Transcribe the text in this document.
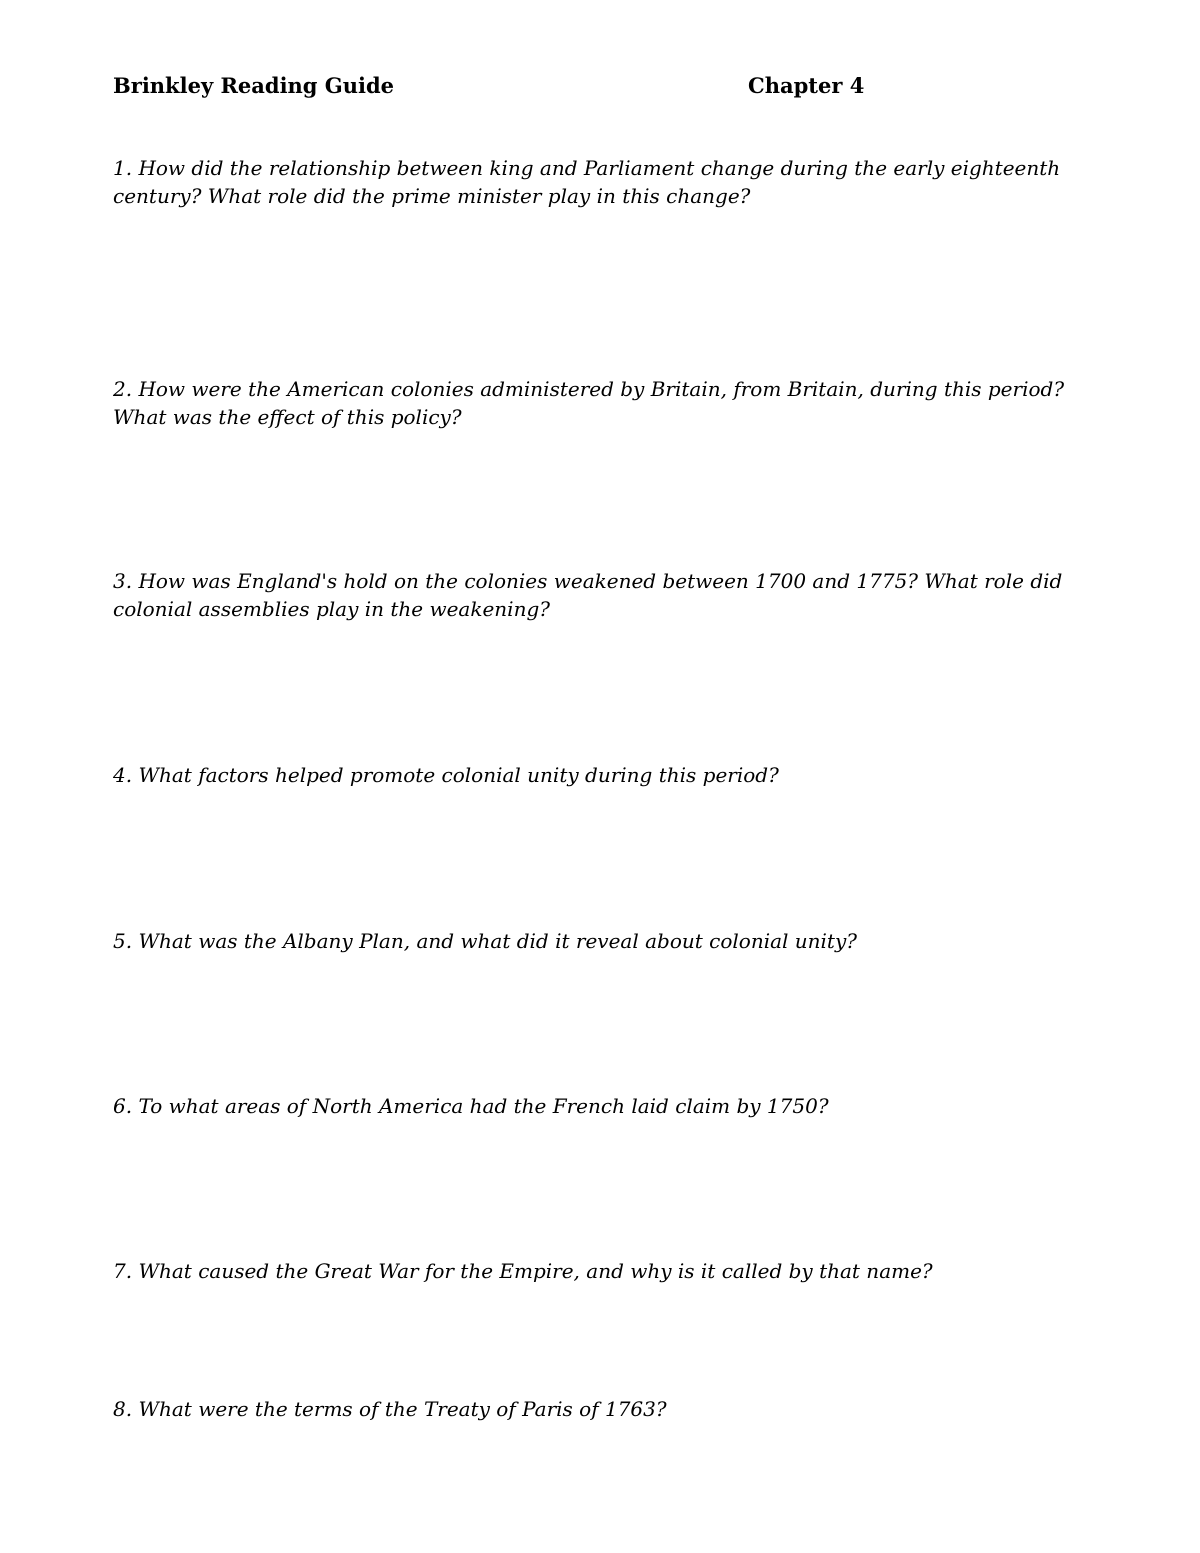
Brinkley Reading Guide	Chapter 4
1. How did the relationship between king and Parliament change during the early eighteenth century? What role did the prime minister play in this change?
2. How were the American colonies administered by Britain, from Britain, during this period? What was the effect of this policy?
3. How was England's hold on the colonies weakened between 1700 and 1775? What role did colonial assemblies play in the weakening?
4. What factors helped promote colonial unity during this period?
5. What was the Albany Plan, and what did it reveal about colonial unity?
6. To what areas of North America had the French laid claim by 1750?
7. What caused the Great War for the Empire, and why is it called by that name?
8. What were the terms of the Treaty of Paris of 1763?
